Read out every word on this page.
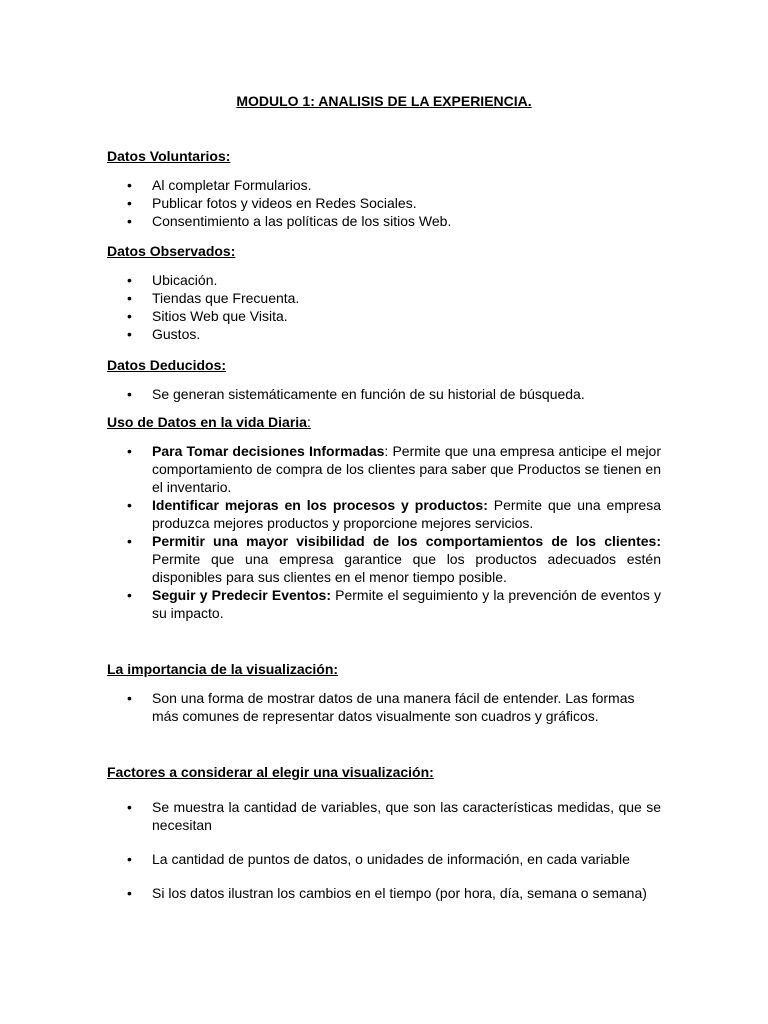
MODULO 1: ANALISIS DE LA EXPERIENCIA.
Datos Voluntarios:
• Al completar Formularios.
• Publicar fotos y videos en Redes Sociales.
• Consentimiento a las políticas de los sitios Web.
Datos Observados:
• Ubicación.
• Tiendas que Frecuenta.
• Sitios Web que Visita.
• Gustos.
Datos Deducidos:
• Se generan sistemáticamente en función de su historial de búsqueda.
Uso de Datos en la vida Diaria:
• Para Tomar decisiones Informadas: Permite que una empresa anticipe el mejor comportamiento de compra de los clientes para saber que Productos se tienen en el inventario.
• Identificar mejoras en los procesos y productos: Permite que una empresa produzca mejores productos y proporcione mejores servicios.
• Permitir una mayor visibilidad de los comportamientos de los clientes: Permite que una empresa garantice que los productos adecuados estén disponibles para sus clientes en el menor tiempo posible.
• Seguir y Predecir Eventos: Permite el seguimiento y la prevención de eventos y su impacto.
La importancia de la visualización:
• Son una forma de mostrar datos de una manera fácil de entender. Las formas más comunes de representar datos visualmente son cuadros y gráficos.
Factores a considerar al elegir una visualización:
• Se muestra la cantidad de variables, que son las características medidas, que se necesitan
• La cantidad de puntos de datos, o unidades de información, en cada variable
• Si los datos ilustran los cambios en el tiempo (por hora, día, semana o semana)
